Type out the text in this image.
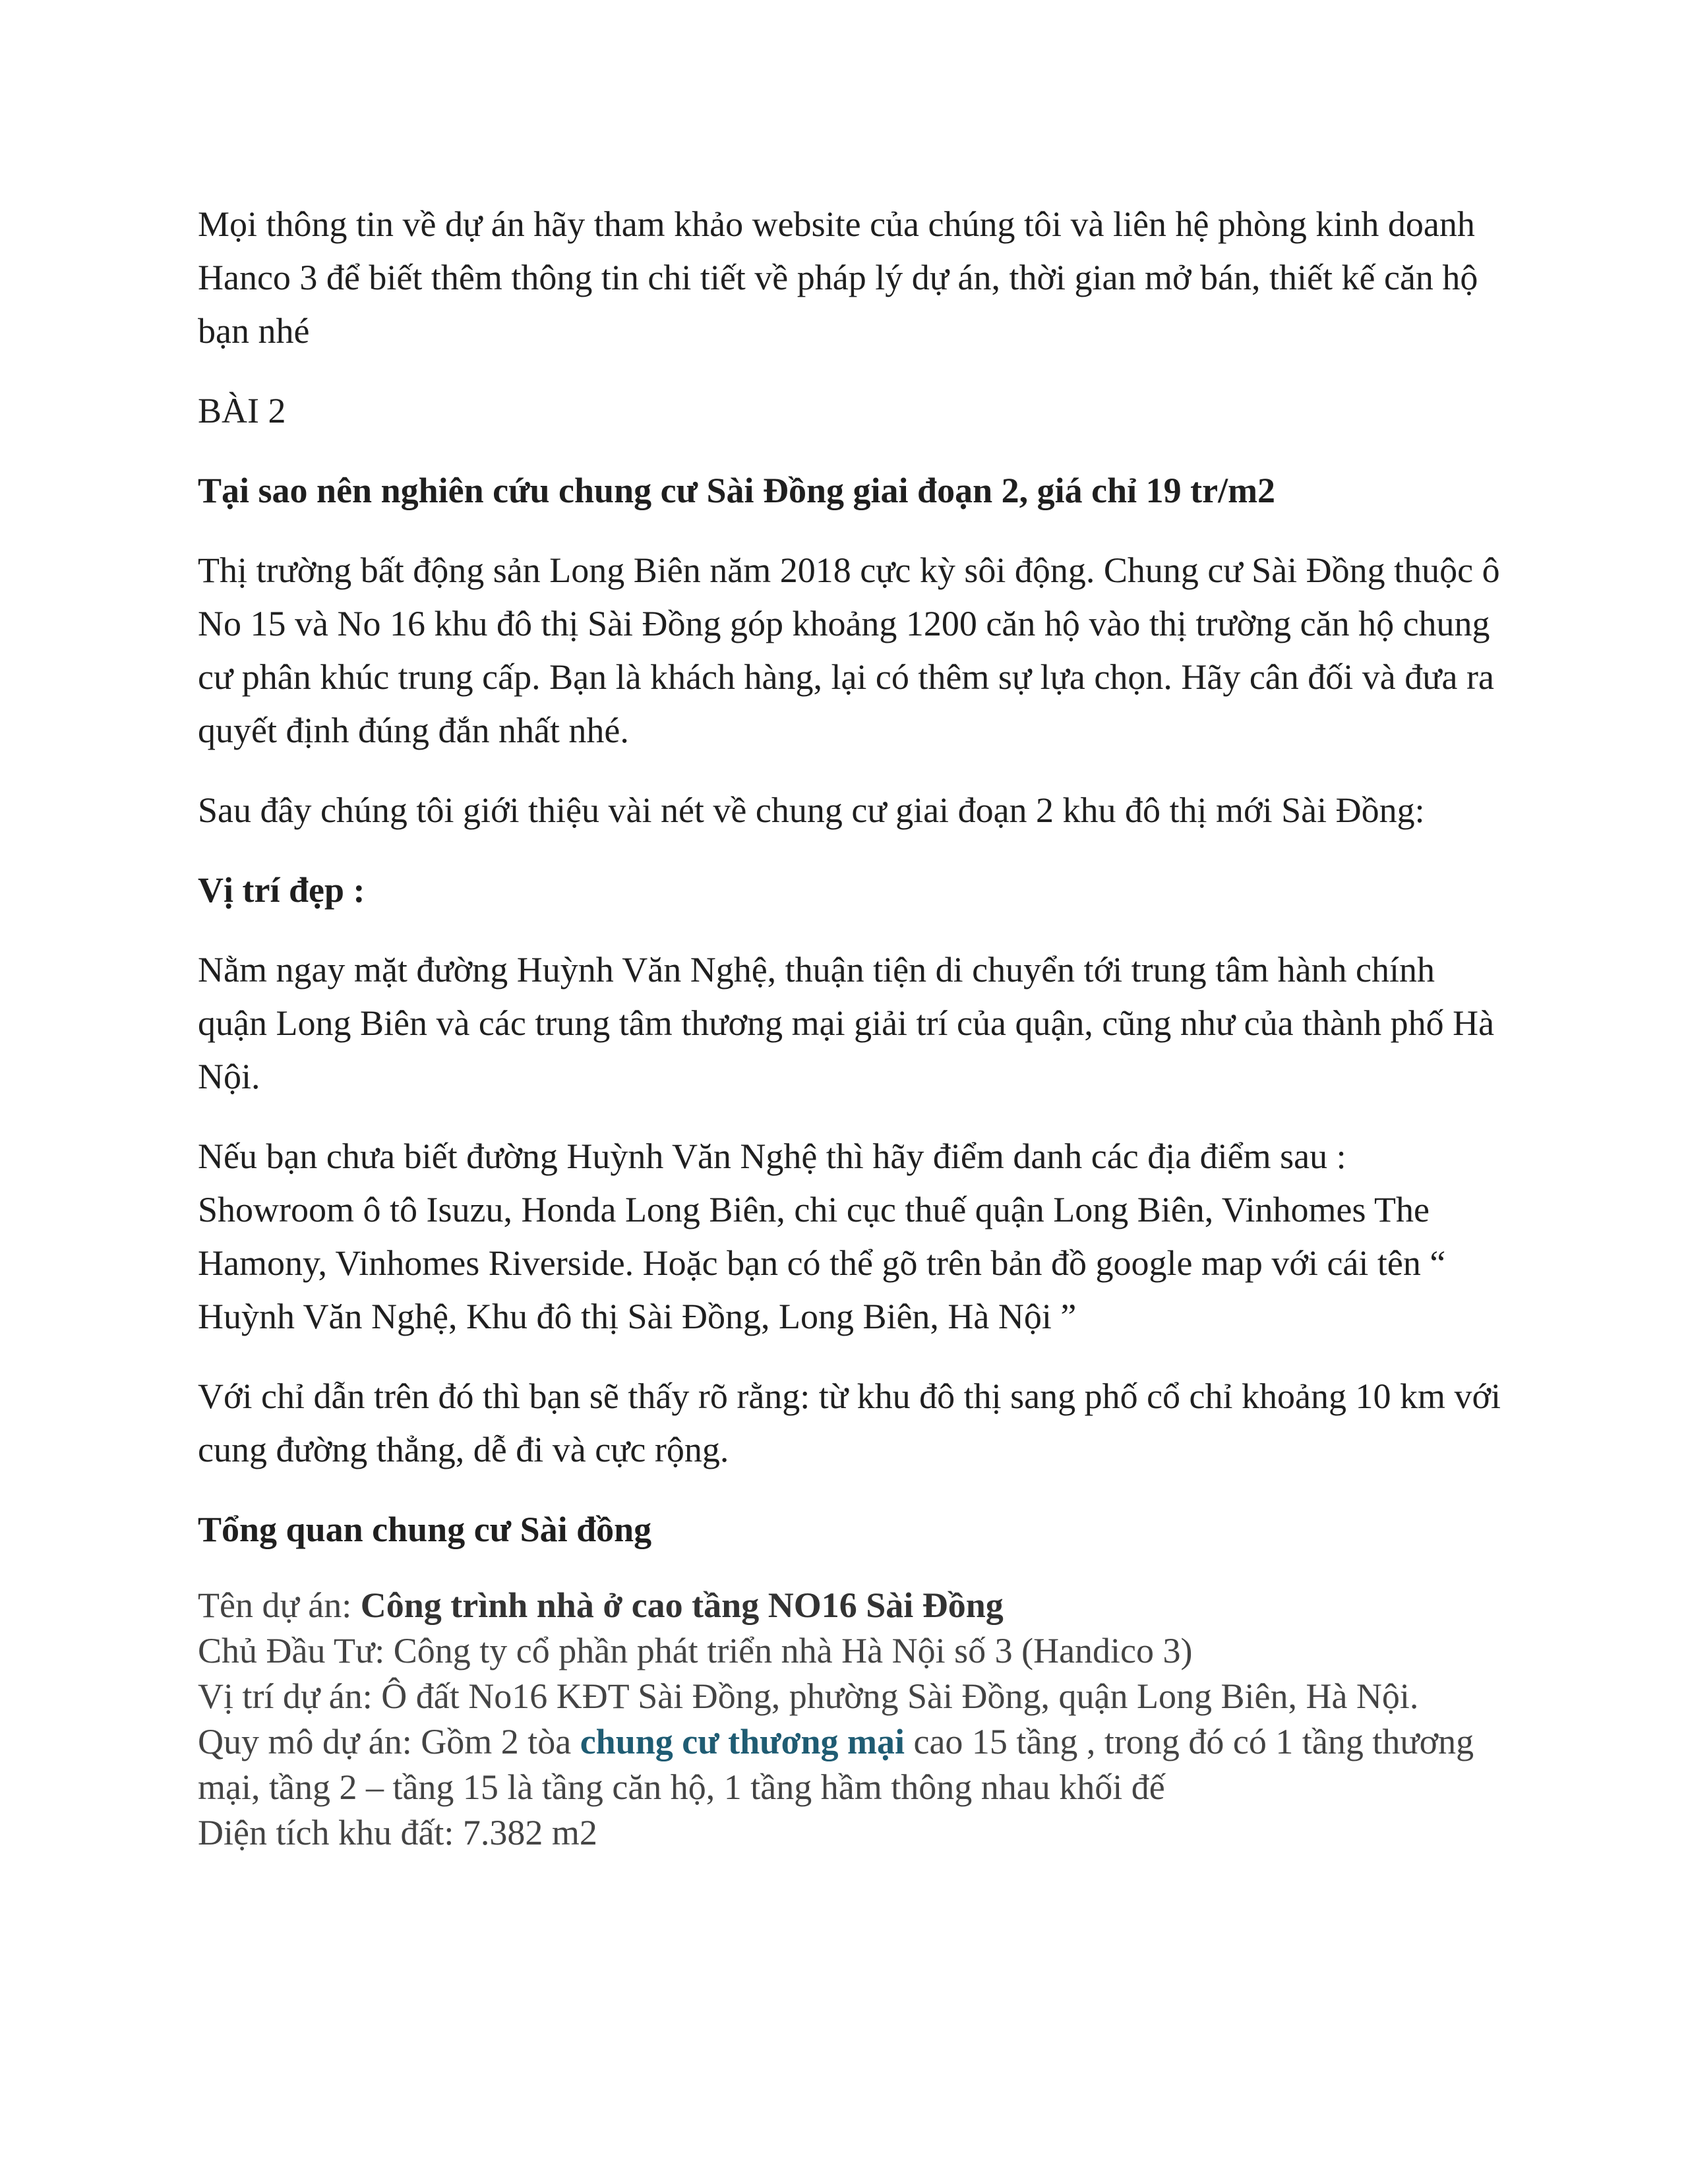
Mọi thông tin về dự án hãy tham khảo website của chúng tôi và liên hệ phòng kinh doanh Hanco 3 để biết thêm thông tin chi tiết về pháp lý dự án, thời gian mở bán, thiết kế căn hộ bạn nhé

BÀI 2

Tại sao nên nghiên cứu chung cư Sài Đồng giai đoạn 2, giá chỉ 19 tr/m2

Thị trường bất động sản Long Biên năm 2018 cực kỳ sôi động. Chung cư Sài Đồng thuộc ô No 15 và No 16 khu đô thị Sài Đồng góp khoảng 1200 căn hộ vào thị trường căn hộ chung cư phân khúc trung cấp. Bạn là khách hàng, lại có thêm sự lựa chọn. Hãy cân đối và đưa ra quyết định đúng đắn nhất nhé.

Sau đây chúng tôi giới thiệu vài nét về chung cư giai đoạn 2 khu đô thị mới Sài Đồng:

Vị trí đẹp :

Nằm ngay mặt đường Huỳnh Văn Nghệ, thuận tiện di chuyển tới trung tâm hành chính quận Long Biên và các trung tâm thương mại giải trí của quận, cũng như của thành phố Hà Nội.

Nếu bạn chưa biết đường Huỳnh Văn Nghệ thì hãy điểm danh các địa điểm sau : Showroom ô tô Isuzu, Honda Long Biên, chi cục thuế quận Long Biên, Vinhomes The Hamony, Vinhomes Riverside. Hoặc bạn có thể gõ trên bản đồ google map với cái tên “ Huỳnh Văn Nghệ, Khu đô thị Sài Đồng, Long Biên, Hà Nội ”

Với chỉ dẫn trên đó thì bạn sẽ thấy rõ rằng: từ khu đô thị sang phố cổ chỉ khoảng 10 km với cung đường thẳng, dễ đi và cực rộng.

Tổng quan chung cư Sài đồng

Tên dự án: Công trình nhà ở cao tầng NO16 Sài Đồng

Chủ Đầu Tư: Công ty cổ phần phát triển nhà Hà Nội số 3 (Handico 3)

Vị trí dự án: Ô đất No16 KĐT Sài Đồng, phường Sài Đồng, quận Long Biên, Hà Nội.

Quy mô dự án: Gồm 2 tòa chung cư thương mại cao 15 tầng , trong đó có 1 tầng thương mại, tầng 2 – tầng 15 là tầng căn hộ, 1 tầng hầm thông nhau khối đế

Diện tích khu đất: 7.382 m2
